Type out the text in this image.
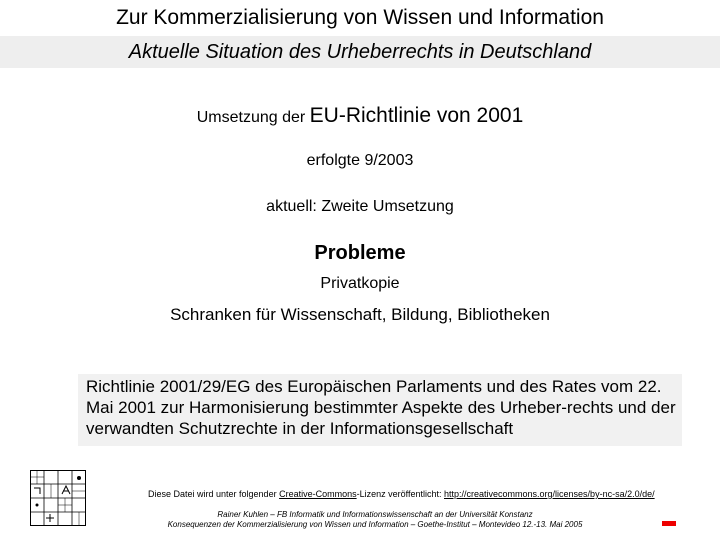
Zur Kommerzialisierung von Wissen und Information
Aktuelle Situation des Urheberrechts in Deutschland
Umsetzung der EU-Richtlinie von 2001
erfolgte 9/2003
aktuell: Zweite Umsetzung
Probleme
Privatkopie
Schranken für Wissenschaft, Bildung, Bibliotheken
Richtlinie 2001/29/EG des Europäischen Parlaments und des Rates vom 22. Mai 2001 zur Harmonisierung bestimmter Aspekte des Urheber-rechts und der verwandten Schutzrechte in der Informationsgesellschaft
Diese Datei wird unter folgender Creative-Commons-Lizenz veröffentlicht: http://creativecommons.org/licenses/by-nc-sa/2.0/de/
Rainer Kuhlen – FB Informatik und Informationswissenschaft an der Universität Konstanz
Konsequenzen der Kommerzialisierung von Wissen und Information – Goethe-Institut – Montevideo 12.-13. Mai 2005
